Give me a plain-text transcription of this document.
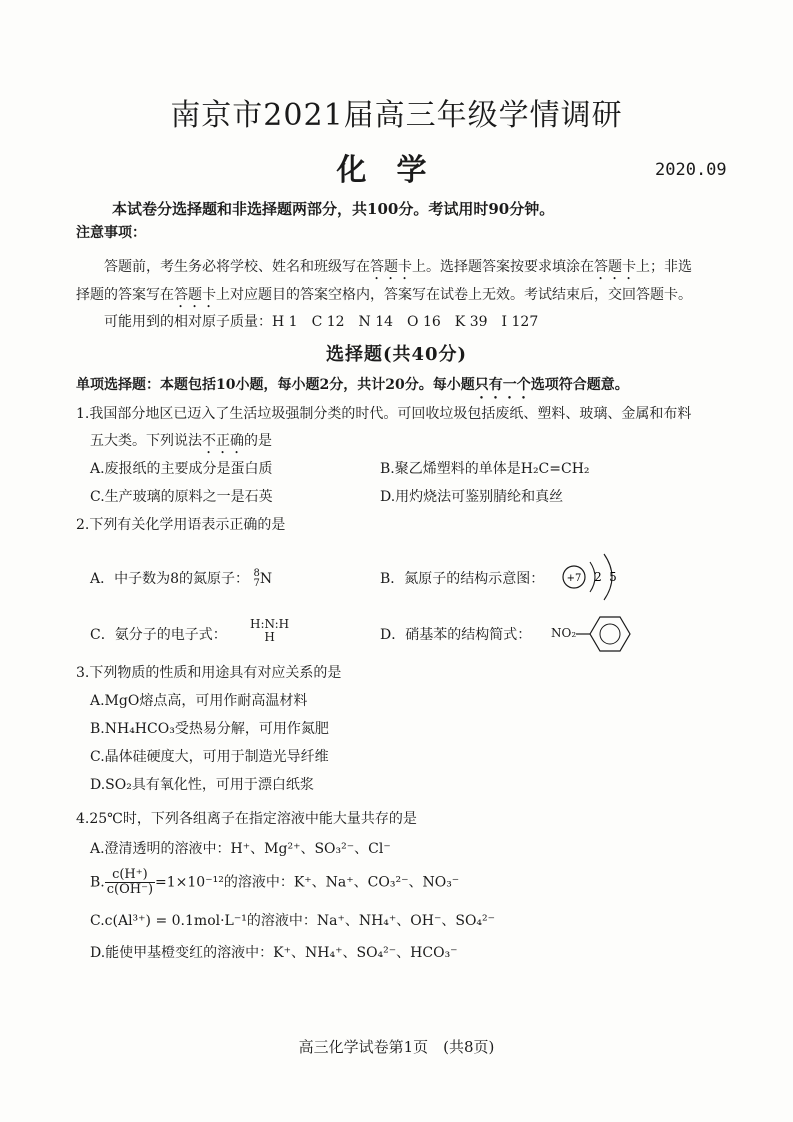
南京市2021届高三年级学情调研
化学	2020.09
本试卷分选择题和非选择题两部分，共100分。考试用时90分钟。
注意事项：
答题前，考生务必将学校、姓名和班级写在答题卡上。选择题答案按要求填涂在答题卡上；非选
择题的答案写在答题卡上对应题目的答案空格内，答案写在试卷上无效。考试结束后，交回答题卡。
可能用到的相对原子质量：H 1　C 12　N 14　O 16　K 39　I 127
选择题(共40分)
单项选择题：本题包括10小题，每小题2分，共计20分。每小题只有一个选项符合题意。
1.我国部分地区已迈入了生活垃圾强制分类的时代。可回收垃圾包括废纸、塑料、玻璃、金属和布料
五大类。下列说法不正确的是
A.废报纸的主要成分是蛋白质	B.聚乙烯塑料的单体是H₂C=CH₂
C.生产玻璃的原料之一是石英	D.用灼烧法可鉴别腈纶和真丝
2.下列有关化学用语表示正确的是
A．中子数为8的氮原子： 8
7 N	B．氮原子的结构示意图： +7 2 5
C．氨分子的电子式：
H:N:H
H	D．硝基苯的结构简式： NO₂
3.下列物质的性质和用途具有对应关系的是
A.MgO熔点高，可用作耐高温材料
B.NH₄HCO₃受热易分解，可用作氮肥
C.晶体硅硬度大，可用于制造光导纤维
D.SO₂具有氧化性，可用于漂白纸浆
4.25℃时，下列各组离子在指定溶液中能大量共存的是
A.澄清透明的溶液中：H⁺、Mg²⁺、SO₃²⁻、Cl⁻
B. $\frac{c(H^+)}{c(OH^-)} =1\times 10^{-12}$的溶液中：K⁺、Na⁺、CO₃²⁻、NO₃⁻
C.c(Al³⁺) = 0.1mol·L⁻¹的溶液中：Na⁺、NH₄⁺、OH⁻、SO₄²⁻
D.能使甲基橙变红的溶液中：K⁺、NH₄⁺、SO₄²⁻、HCO₃⁻
高三化学试卷第1页　(共8页)
